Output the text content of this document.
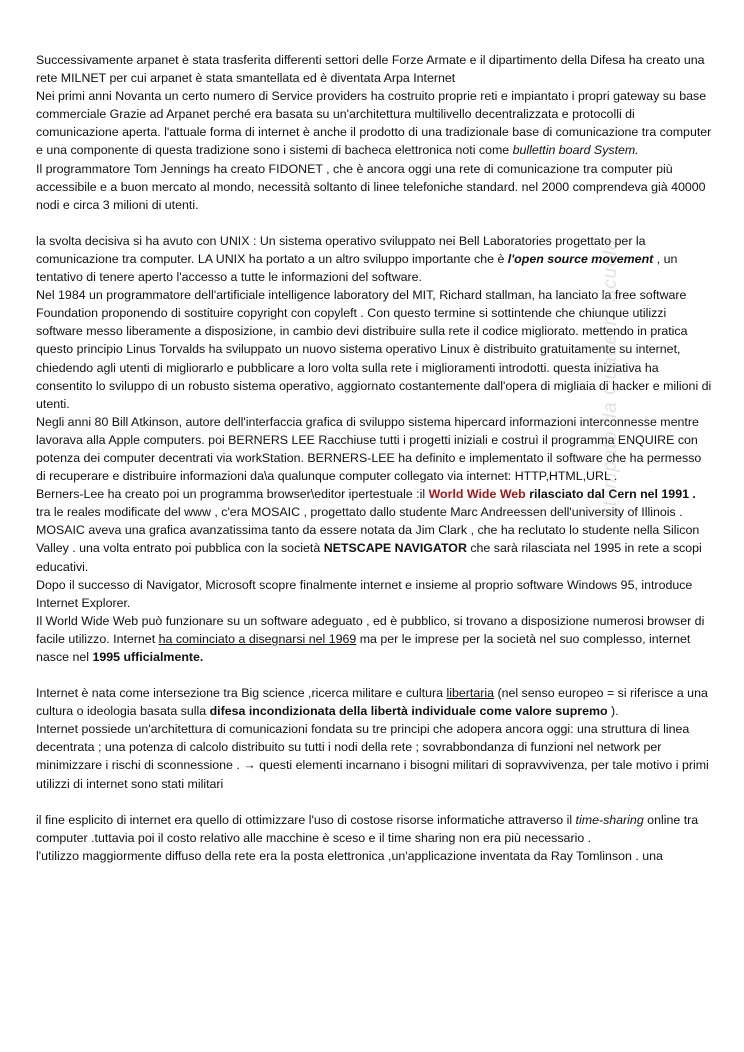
Successivamente arpanet è stata trasferita differenti settori delle Forze Armate e il dipartimento della Difesa ha creato una rete MILNET per cui arpanet è stata smantellata ed è diventata Arpa Internet

Nei primi anni Novanta un certo numero di Service providers ha costruito proprie reti e impiantato i propri gateway su base commerciale Grazie ad Arpanet perché era basata su un'architettura multilivello decentralizzata e protocolli di comunicazione aperta. l'attuale forma di internet è anche il prodotto di una tradizionale base di comunicazione tra computer e una componente di questa tradizione sono i sistemi di bacheca elettronica noti come bullettin board System.

Il programmatore Tom Jennings ha creato FIDONET , che è ancora oggi una rete di comunicazione tra computer più accessibile e a buon mercato al mondo, necessità soltanto di linee telefoniche standard. nel 2000 comprendeva già 40000 nodi e circa 3 milioni di utenti.

la svolta decisiva si ha avuto con UNIX : Un sistema operativo sviluppato nei Bell Laboratories progettato per la comunicazione tra computer. LA UNIX ha portato a un altro sviluppo importante che è l'open source movement , un tentativo di tenere aperto l'accesso a tutte le informazioni del software.

Nel 1984 un programmatore dell'artificiale intelligence laboratory del MIT, Richard stallman, ha lanciato la free software Foundation proponendo di sostituire copyright con copyleft . Con questo termine si sottintende che chiunque utilizzi software messo liberamente a disposizione, in cambio devi distribuire sulla rete il codice migliorato. mettendo in pratica questo principio Linus Torvalds ha sviluppato un nuovo sistema operativo Linux è distribuito gratuitamente su internet, chiedendo agli utenti di migliorarlo e pubblicare a loro volta sulla rete i miglioramenti introdotti. questa iniziativa ha consentito lo sviluppo di un robusto sistema operativo, aggiornato costantemente dall'opera di migliaia di hacker e milioni di utenti.

Negli anni 80 Bill Atkinson, autore dell'interfaccia grafica di sviluppo sistema hipercard informazioni interconnesse mentre lavorava alla Apple computers. poi BERNERS LEE Racchiuse tutti i progetti iniziali e costruì il programma ENQUIRE con potenza dei computer decentrati via workStation. BERNERS-LEE ha definito e implementato il software che ha permesso di recuperare e distribuire informazioni da\a qualunque computer collegato via internet: HTTP,HTML,URL .

Berners-Lee ha creato poi un programma browser\editor ipertestuale :il World Wide Web rilasciato dal Cern nel 1991 .

tra le reales modificate del www , c'era MOSAIC , progettato dallo studente Marc Andreessen dell'university of Illinois . MOSAIC aveva una grafica avanzatissima tanto da essere notata da Jim Clark , che ha reclutato lo studente nella Silicon Valley . una volta entrato poi pubblica con la società NETSCAPE NAVIGATOR che sarà rilasciata nel 1995 in rete a scopi educativi.

Dopo il successo di Navigator, Microsoft scopre finalmente internet e insieme al proprio software Windows 95, introduce Internet Explorer.

Il World Wide Web può funzionare su un software adeguato , ed è pubblico, si trovano a disposizione numerosi browser di facile utilizzo. Internet ha cominciato a disegnarsi nel 1969 ma per le imprese per la società nel suo complesso, internet nasce nel 1995 ufficialmente.

Internet è nata come intersezione tra Big science ,ricerca militare e cultura libertaria (nel senso europeo = si riferisce a una cultura o ideologia basata sulla difesa incondizionata della libertà individuale come valore supremo ).

Internet possiede un'architettura di comunicazioni fondata su tre principi che adopera ancora oggi: una struttura di linea decentrata ; una potenza di calcolo distribuito su tutti i nodi della rete ; sovrabbondanza di funzioni nel network per minimizzare i rischi di sconnessione . → questi elementi incarnano i bisogni militari di sopravvivenza, per tale motivo i primi utilizzi di internet sono stati militari

il fine esplicito di internet era quello di ottimizzare l'uso di costose risorse informatiche attraverso il time-sharing online tra computer .tuttavia poi il costo relativo alle macchine è sceso e il time sharing non era più necessario .

l'utilizzo maggiormente diffuso della rete era la posta elettronica ,un'applicazione inventata da Ray Tomlinson . una

Stampato da Quaderni Scuola
